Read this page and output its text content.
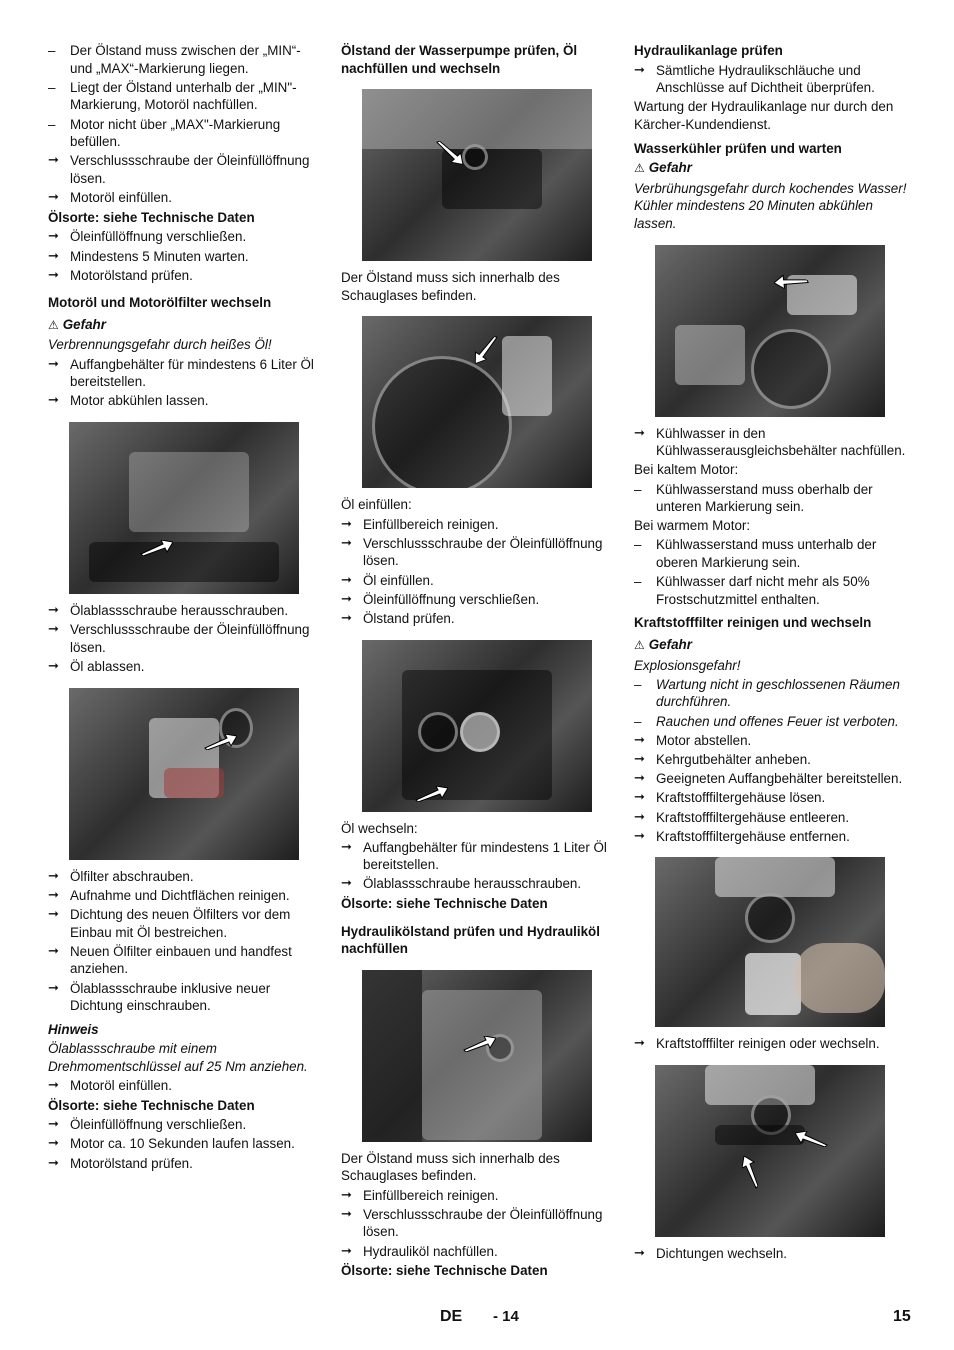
– Der Ölstand muss zwischen der „MIN“- und „MAX“-Markierung liegen.
– Liegt der Ölstand unterhalb der „MIN"-Markierung, Motoröl nachfüllen.
– Motor nicht über „MAX"-Markierung befüllen.
➞ Verschlussschraube der Öleinfüllöffnung lösen.
➞ Motoröl einfüllen.
Ölsorte: siehe Technische Daten
➞ Öleinfüllöffnung verschließen.
➞ Mindestens 5 Minuten warten.
➞ Motorölstand prüfen.
Motoröl und Motorölfilter wechseln
⚠ Gefahr
Verbrennungsgefahr durch heißes Öl!
➞ Auffangbehälter für mindestens 6 Liter Öl bereitstellen.
➞ Motor abkühlen lassen.
➞ Ölablassschraube herausschrauben.
➞ Verschlussschraube der Öleinfüllöffnung lösen.
➞ Öl ablassen.
➞ Ölfilter abschrauben.
➞ Aufnahme und Dichtflächen reinigen.
➞ Dichtung des neuen Ölfilters vor dem Einbau mit Öl bestreichen.
➞ Neuen Ölfilter einbauen und handfest anziehen.
➞ Ölablassschraube inklusive neuer Dichtung einschrauben.
Hinweis
Ölablassschraube mit einem Drehmomentschlüssel auf 25 Nm anziehen.
➞ Motoröl einfüllen.
Ölsorte: siehe Technische Daten
➞ Öleinfüllöffnung verschließen.
➞ Motor ca. 10 Sekunden laufen lassen.
➞ Motorölstand prüfen.
Ölstand der Wasserpumpe prüfen, Öl nachfüllen und wechseln
Der Ölstand muss sich innerhalb des Schauglases befinden.
Öl einfüllen:
➞ Einfüllbereich reinigen.
➞ Verschlussschraube der Öleinfüllöffnung lösen.
➞ Öl einfüllen.
➞ Öleinfüllöffnung verschließen.
➞ Ölstand prüfen.
Öl wechseln:
➞ Auffangbehälter für mindestens 1 Liter Öl bereitstellen.
➞ Ölablassschraube herausschrauben.
Ölsorte: siehe Technische Daten
Hydraulikölstand prüfen und Hydrauliköl nachfüllen
Der Ölstand muss sich innerhalb des Schauglases befinden.
➞ Einfüllbereich reinigen.
➞ Verschlussschraube der Öleinfüllöffnung lösen.
➞ Hydrauliköl nachfüllen.
Ölsorte: siehe Technische Daten
Hydraulikanlage prüfen
➞ Sämtliche Hydraulikschläuche und Anschlüsse auf Dichtheit überprüfen.
Wartung der Hydraulikanlage nur durch den Kärcher-Kundendienst.
Wasserkühler prüfen und warten
⚠ Gefahr
Verbrühungsgefahr durch kochendes Wasser! Kühler mindestens 20 Minuten abkühlen lassen.
➞ Kühlwasser in den Kühlwasserausgleichsbehälter nachfüllen.
Bei kaltem Motor:
– Kühlwasserstand muss oberhalb der unteren Markierung sein.
Bei warmem Motor:
– Kühlwasserstand muss unterhalb der oberen Markierung sein.
– Kühlwasser darf nicht mehr als 50% Frostschutzmittel enthalten.
Kraftstofffilter reinigen und wechseln
⚠ Gefahr
Explosionsgefahr!
– Wartung nicht in geschlossenen Räumen durchführen.
– Rauchen und offenes Feuer ist verboten.
➞ Motor abstellen.
➞ Kehrgutbehälter anheben.
➞ Geeigneten Auffangbehälter bereitstellen.
➞ Kraftstofffiltergehäuse lösen.
➞ Kraftstofffiltergehäuse entleeren.
➞ Kraftstofffiltergehäuse entfernen.
➞ Kraftstofffilter reinigen oder wechseln.
➞ Dichtungen wechseln.
DE - 14	15
